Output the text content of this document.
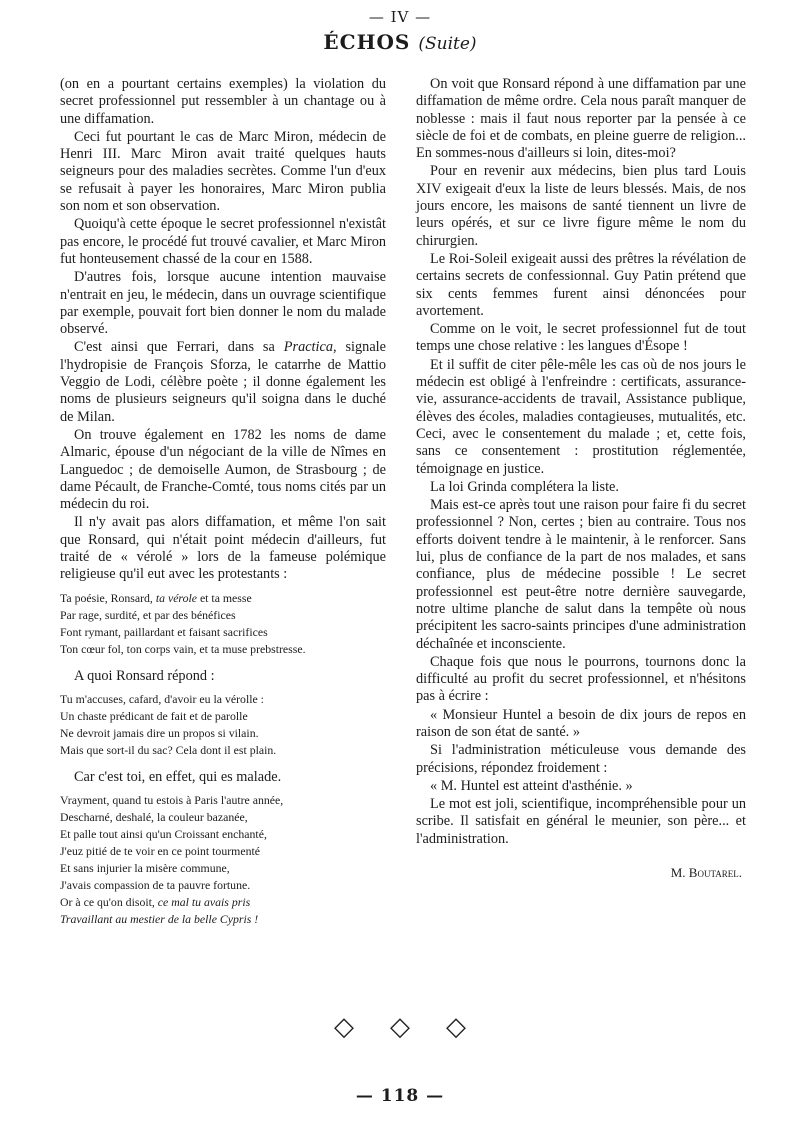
— IV —
ÉCHOS (Suite)

(on en a pourtant certains exemples) la violation du secret professionnel put ressembler à un chantage ou à une diffamation.

Ceci fut pourtant le cas de Marc Miron, médecin de Henri III. Marc Miron avait traité quelques hauts seigneurs pour des maladies secrètes. Comme l'un d'eux se refusait à payer les honoraires, Marc Miron publia son nom et son observation.

Quoiqu'à cette époque le secret professionnel n'existât pas encore, le procédé fut trouvé cavalier, et Marc Miron fut honteusement chassé de la cour en 1588.

D'autres fois, lorsque aucune intention mauvaise n'entrait en jeu, le médecin, dans un ouvrage scientifique par exemple, pouvait fort bien donner le nom du malade observé.

C'est ainsi que Ferrari, dans sa Practica, signale l'hydropisie de François Sforza, le catarrhe de Mattio Veggio de Lodi, célèbre poète ; il donne également les noms de plusieurs seigneurs qu'il soigna dans le duché de Milan.

On trouve également en 1782 les noms de dame Almaric, épouse d'un négociant de la ville de Nîmes en Languedoc ; de demoiselle Aumon, de Strasbourg ; de dame Pécault, de Franche-Comté, tous noms cités par un médecin du roi.

Il n'y avait pas alors diffamation, et même l'on sait que Ronsard, qui n'était point médecin d'ailleurs, fut traité de « vérolé » lors de la fameuse polémique religieuse qu'il eut avec les protestants :

Ta poésie, Ronsard, ta vérole et ta messe
Par rage, surdité, et par des bénéfices
Font rymant, paillardant et faisant sacrifices
Ton cœur fol, ton corps vain, et ta muse prebstresse.

A quoi Ronsard répond :

Tu m'accuses, cafard, d'avoir eu la vérolle :
Un chaste prédicant de fait et de parolle
Ne devroit jamais dire un propos si vilain.
Mais que sort-il du sac? Cela dont il est plain.

Car c'est toi, en effet, qui es malade.

Vrayment, quand tu estois à Paris l'autre année,
Descharné, deshalé, la couleur bazanée,
Et palle tout ainsi qu'un Croissant enchanté,
J'euz pitié de te voir en ce point tourmenté
Et sans injurier la misère commune,
J'avais compassion de ta pauvre fortune.
Or à ce qu'on disoit, ce mal tu avais pris
Travaillant au mestier de la belle Cypris !

On voit que Ronsard répond à une diffamation par une diffamation de même ordre. Cela nous paraît manquer de noblesse : mais il faut nous reporter par la pensée à ce siècle de foi et de combats, en pleine guerre de religion... En sommes-nous d'ailleurs si loin, dites-moi?

Pour en revenir aux médecins, bien plus tard Louis XIV exigeait d'eux la liste de leurs blessés. Mais, de nos jours encore, les maisons de santé tiennent un livre de leurs opérés, et sur ce livre figure même le nom du chirurgien.

Le Roi-Soleil exigeait aussi des prêtres la révélation de certains secrets de confessionnal. Guy Patin prétend que six cents femmes furent ainsi dénoncées pour avortement.

Comme on le voit, le secret professionnel fut de tout temps une chose relative : les langues d'Ésope !

Et il suffit de citer pêle-mêle les cas où de nos jours le médecin est obligé à l'enfreindre : certificats, assurance-vie, assurance-accidents de travail, Assistance publique, élèves des écoles, maladies contagieuses, mutualités, etc. Ceci, avec le consentement du malade ; et, cette fois, sans ce consentement : prostitution réglementée, témoignage en justice.

La loi Grinda complétera la liste.

Mais est-ce après tout une raison pour faire fi du secret professionnel ? Non, certes ; bien au contraire. Tous nos efforts doivent tendre à le maintenir, à le renforcer. Sans lui, plus de confiance de la part de nos malades, et sans confiance, plus de médecine possible ! Le secret professionnel est peut-être notre dernière sauvegarde, notre ultime planche de salut dans la tempête où nous précipitent les sacro-saints principes d'une administration déchaînée et inconsciente.

Chaque fois que nous le pourrons, tournons donc la difficulté au profit du secret professionnel, et n'hésitons pas à écrire :

« Monsieur Huntel a besoin de dix jours de repos en raison de son état de santé. »

Si l'administration méticuleuse vous demande des précisions, répondez froidement :

« M. Huntel est atteint d'asthénie. »

Le mot est joli, scientifique, incompréhensible pour un scribe. Il satisfait en général le meunier, son père... et l'administration.

M. Boutarel.
◇ ◇ ◇
— 118 —
